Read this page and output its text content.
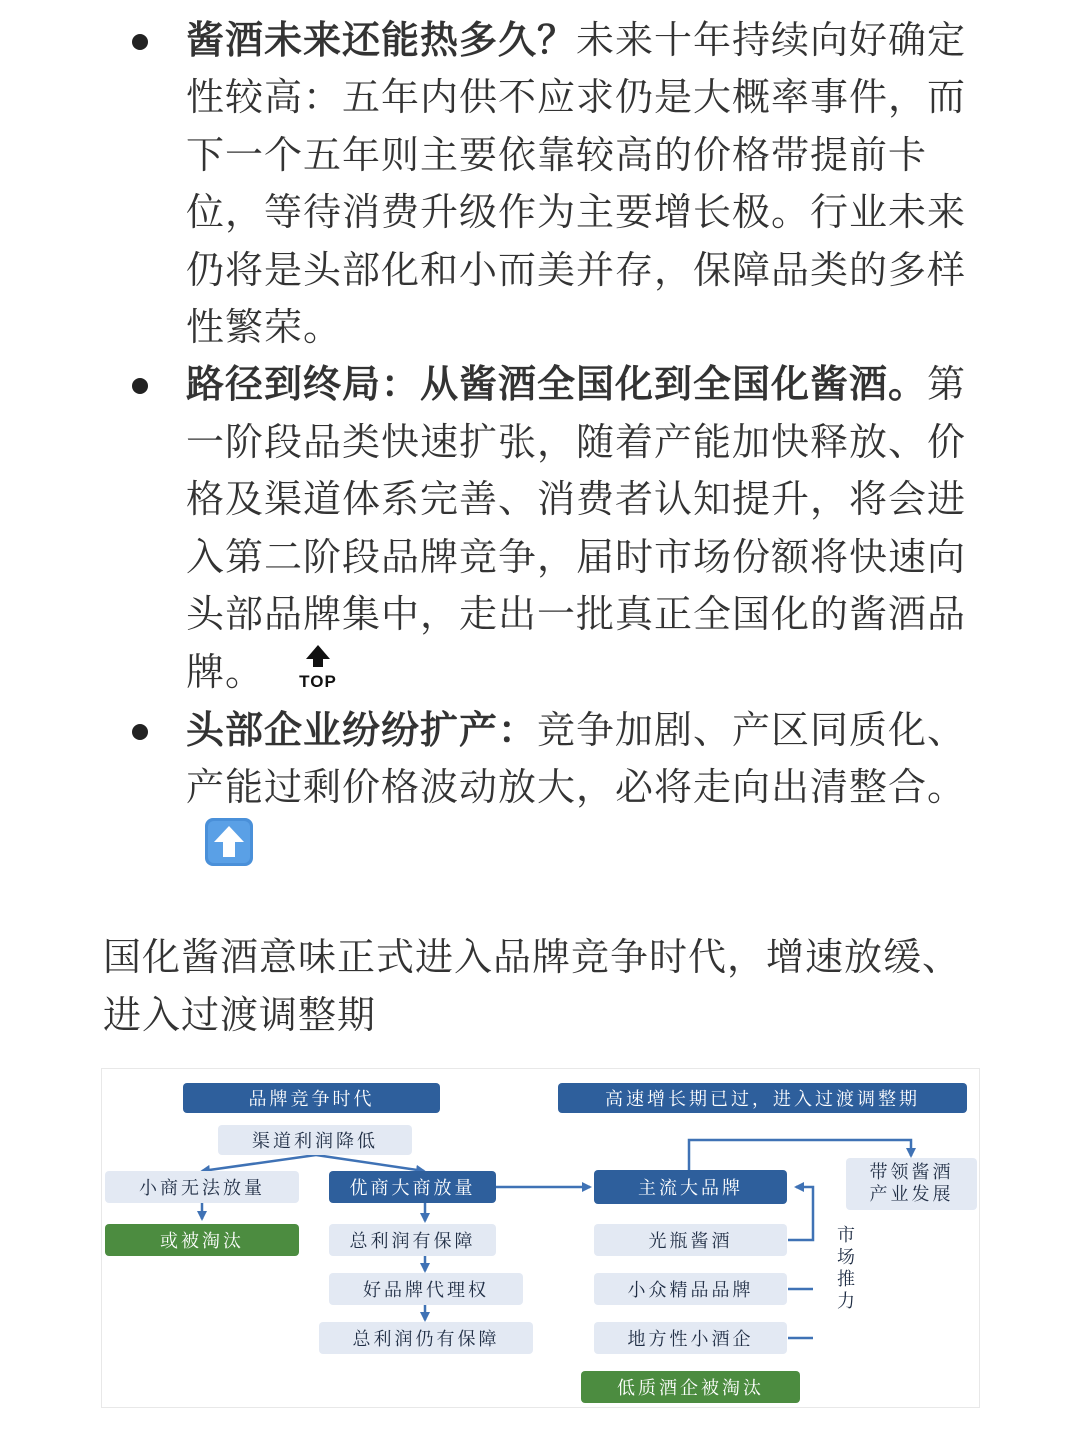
酱酒未来还能热多久？未来十年持续向好确定性较高：五年内供不应求仍是大概率事件，而下一个五年则主要依靠较高的价格带提前卡位，等待消费升级作为主要增长极。行业未来仍将是头部化和小而美并存，保障品类的多样性繁荣。
路径到终局：从酱酒全国化到全国化酱酒。第一阶段品类快速扩张，随着产能加快释放、价格及渠道体系完善、消费者认知提升，将会进入第二阶段品牌竞争，届时市场份额将快速向头部品牌集中，走出一批真正全国化的酱酒品牌。 TOP
头部企业纷纷扩产：竞争加剧、产区同质化、产能过剩价格波动放大，必将走向出清整合。
国化酱酒意味正式进入品牌竞争时代，增速放缓、进入过渡调整期
品牌竞争时代
渠道利润降低
小商无法放量
或被淘汰
优商大商放量
总利润有保障
好品牌代理权
总利润仍有保障
高速增长期已过，进入过渡调整期
主流大品牌
带领酱酒
产业发展
光瓶酱酒
小众精品品牌
地方性小酒企
低质酒企被淘汰
市
场
推
力
